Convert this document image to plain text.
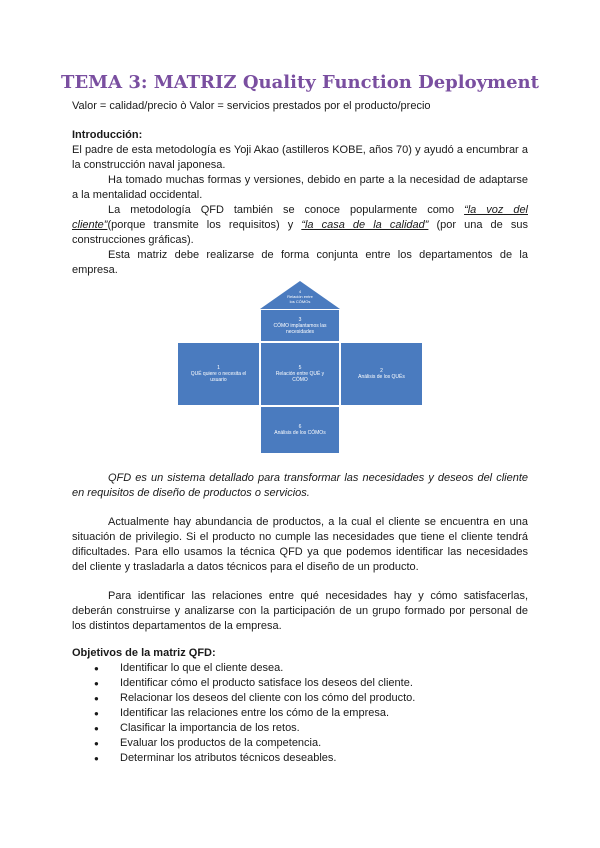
TEMA 3: MATRIZ Quality Function Deployment
Valor = calidad/precio ò Valor = servicios prestados por el producto/precio
Introducción:
El padre de esta metodología es Yoji Akao (astilleros KOBE, años 70) y ayudó a encumbrar a la construcción naval japonesa.
Ha tomado muchas formas y versiones, debido en parte a la necesidad de adaptarse a la mentalidad occidental.
La metodología QFD también se conoce popularmente como “la voz del cliente”(porque transmite los requisitos) y “la casa de la calidad” (por una de sus construcciones gráficas).
Esta matriz debe realizarse de forma conjunta entre los departamentos de la empresa.
4
Relación entre
los CÓMOs
3
CÓMO implantamos las
necesidades
1
QUÉ quiere o necesita el
usuario
5
Relación entre QUÉ y
CÓMO
2
Análisis de los QUÉs
6
Análisis de los CÓMOs
QFD es un sistema detallado para transformar las necesidades y deseos del cliente en requisitos de diseño de productos o servicios.
Actualmente hay abundancia de productos, a la cual el cliente se encuentra en una situación de privilegio. Si el producto no cumple las necesidades que tiene el cliente tendrá dificultades. Para ello usamos la técnica QFD ya que podemos identificar las necesidades del cliente y trasladarla a datos técnicos para el diseño de un producto.
Para identificar las relaciones entre qué necesidades hay y cómo satisfacerlas, deberán construirse y analizarse con la participación de un grupo formado por personal de los distintos departamentos de la empresa.
Objetivos de la matriz QFD:
● Identificar lo que el cliente desea.
● Identificar cómo el producto satisface los deseos del cliente.
● Relacionar los deseos del cliente con los cómo del producto.
● Identificar las relaciones entre los cómo de la empresa.
● Clasificar la importancia de los retos.
● Evaluar los productos de la competencia.
● Determinar los atributos técnicos deseables.
